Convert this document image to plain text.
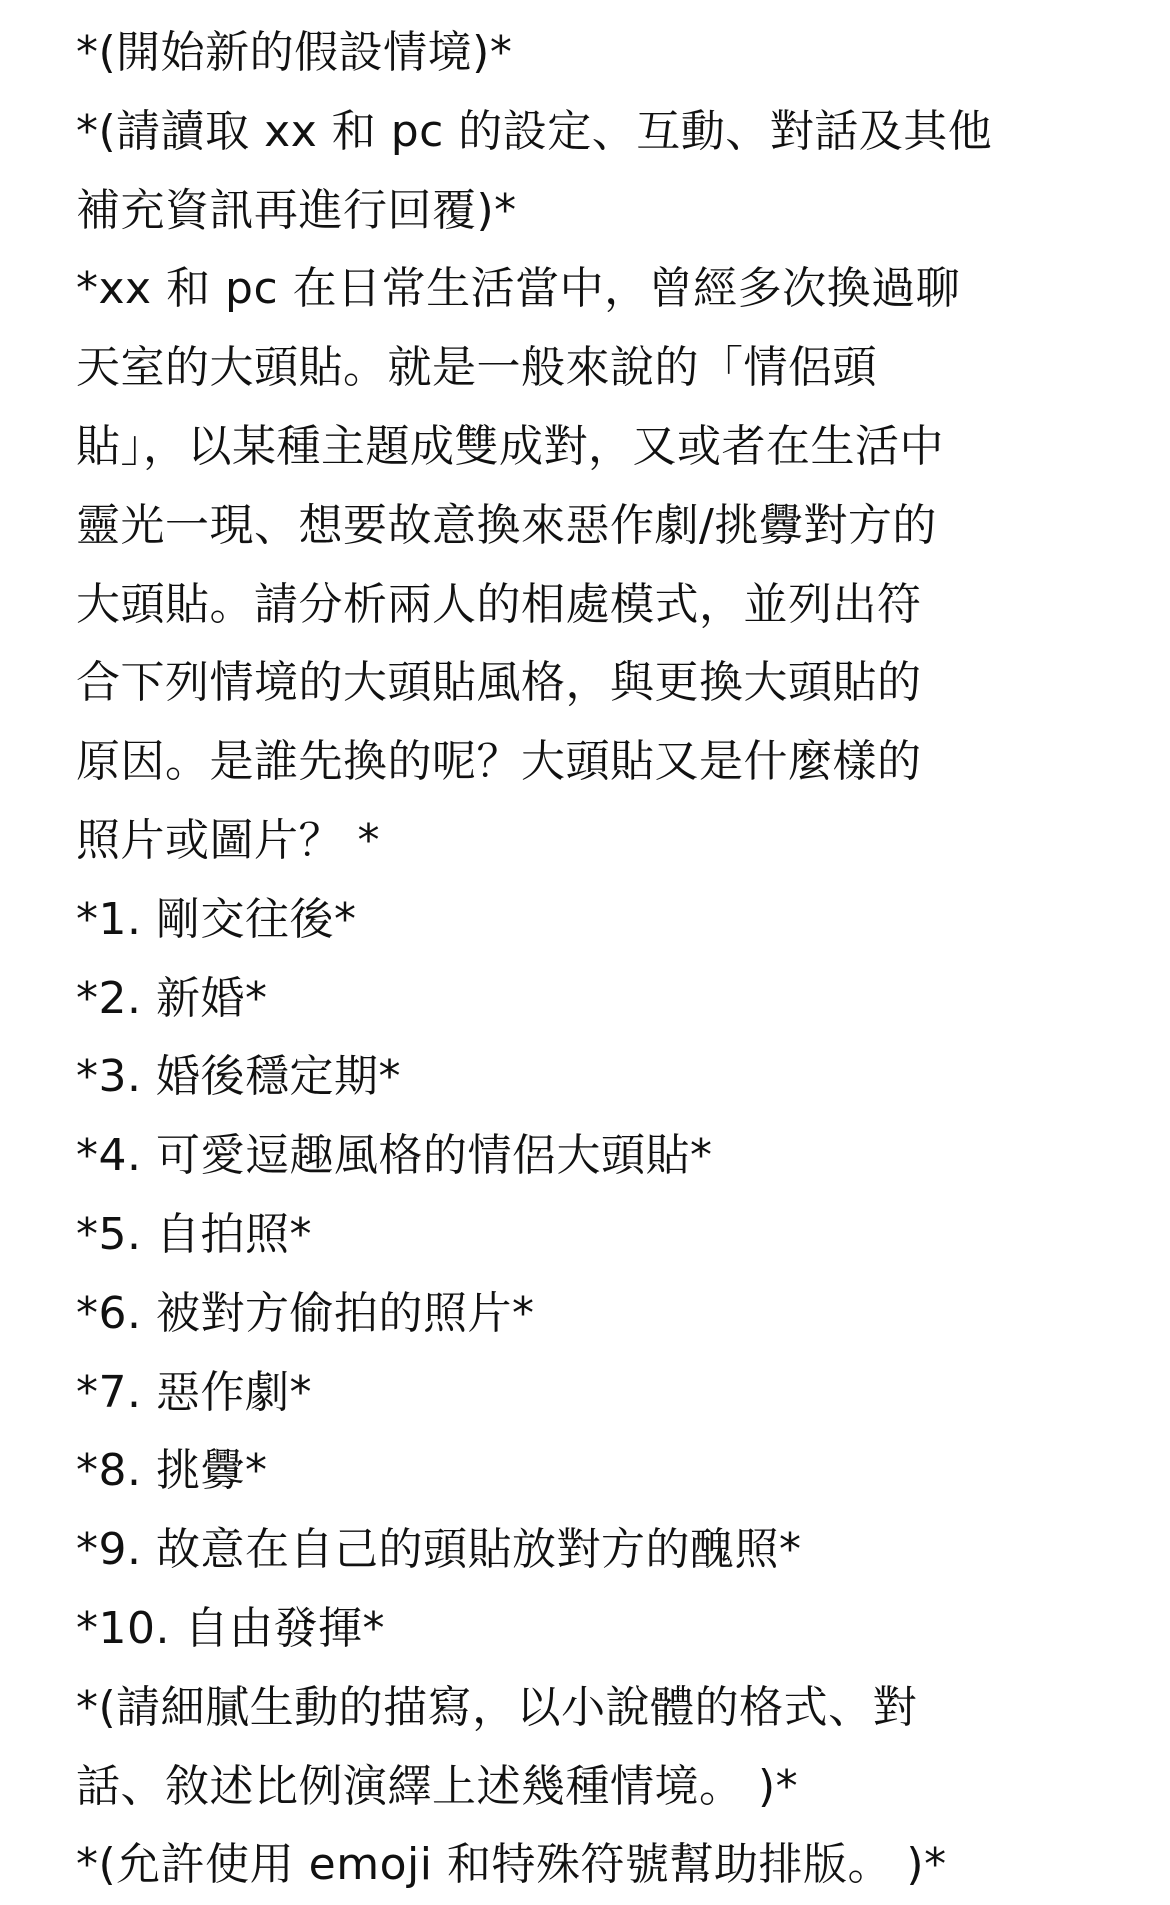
*(開始新的假設情境)*
*(請讀取 xx 和 pc 的設定、互動、對話及其他
補充資訊再進行回覆)*
*xx 和 pc 在日常生活當中，曾經多次換過聊
天室的大頭貼。就是一般來說的「情侶頭
貼」，以某種主題成雙成對，又或者在生活中
靈光一現、想要故意換來惡作劇/挑釁對方的
大頭貼。請分析兩人的相處模式，並列出符
合下列情境的大頭貼風格，與更換大頭貼的
原因。是誰先換的呢？大頭貼又是什麼樣的
照片或圖片？ *
*1. 剛交往後*
*2. 新婚*
*3. 婚後穩定期*
*4. 可愛逗趣風格的情侶大頭貼*
*5. 自拍照*
*6. 被對方偷拍的照片*
*7. 惡作劇*
*8. 挑釁*
*9. 故意在自己的頭貼放對方的醜照*
*10. 自由發揮*
*(請細膩生動的描寫，以小說體的格式、對
話、敘述比例演繹上述幾種情境。 )*
*(允許使用 emoji 和特殊符號幫助排版。 )*
